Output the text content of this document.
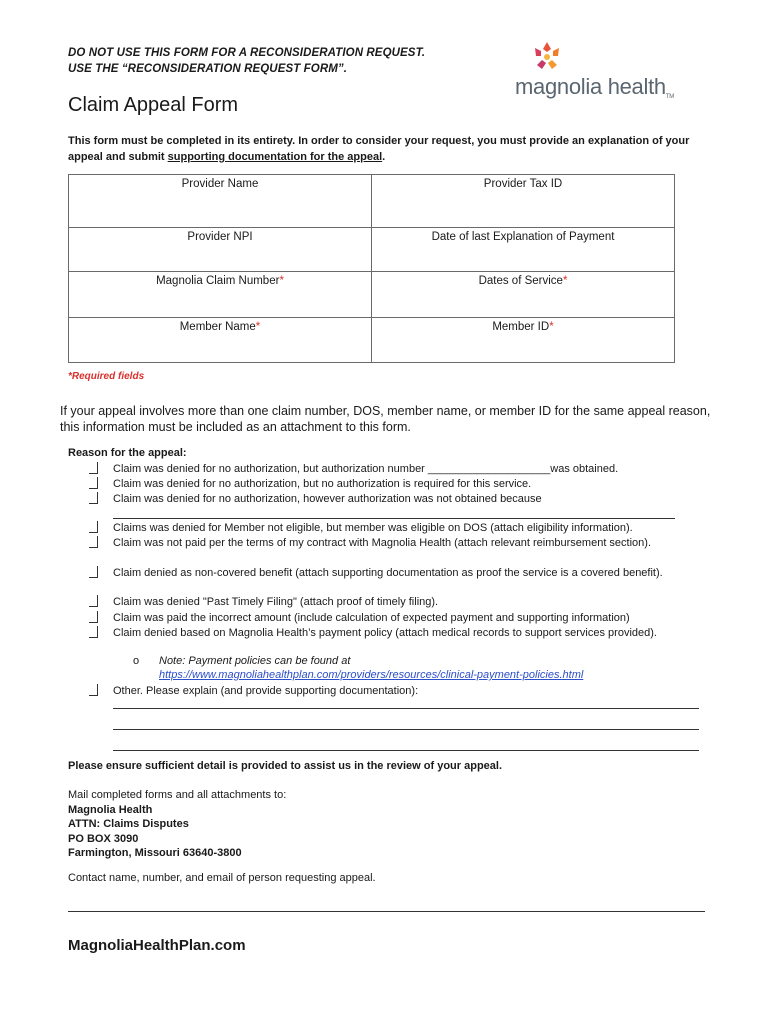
DO NOT USE THIS FORM FOR A RECONSIDERATION REQUEST.
USE THE “RECONSIDERATION REQUEST FORM”.
magnolia healthTM
Claim Appeal Form
This form must be completed in its entirety. In order to consider your request, you must provide an explanation of your appeal and submit supporting documentation for the appeal.
Provider Name	Provider Tax ID
Provider NPI	Date of last Explanation of Payment
Magnolia Claim Number*	Dates of Service*
Member Name*	Member ID*
*Required fields
If your appeal involves more than one claim number, DOS, member name, or member ID for the same appeal reason, this information must be included as an attachment to this form.
Reason for the appeal:
Claim was denied for no authorization, but authorization number ____________________was obtained.
Claim was denied for no authorization, but no authorization is required for this service.
Claim was denied for no authorization, however authorization was not obtained because
Claims was denied for Member not eligible, but member was eligible on DOS (attach eligibility information).
Claim was not paid per the terms of my contract with Magnolia Health (attach relevant reimbursement section).
Claim denied as non-covered benefit (attach supporting documentation as proof the service is a covered benefit).
Claim was denied "Past Timely Filing" (attach proof of timely filing).
Claim was paid the incorrect amount (include calculation of expected payment and supporting information)
Claim denied based on Magnolia Health’s payment policy (attach medical records to support services provided).
o Note: Payment policies can be found at
https://www.magnoliahealthplan.com/providers/resources/clinical-payment-policies.html
Other. Please explain (and provide supporting documentation):
Please ensure sufficient detail is provided to assist us in the review of your appeal.
Mail completed forms and all attachments to:
Magnolia Health
ATTN: Claims Disputes
PO BOX 3090
Farmington, Missouri 63640-3800
Contact name, number, and email of person requesting appeal.
MagnoliaHealthPlan.com
